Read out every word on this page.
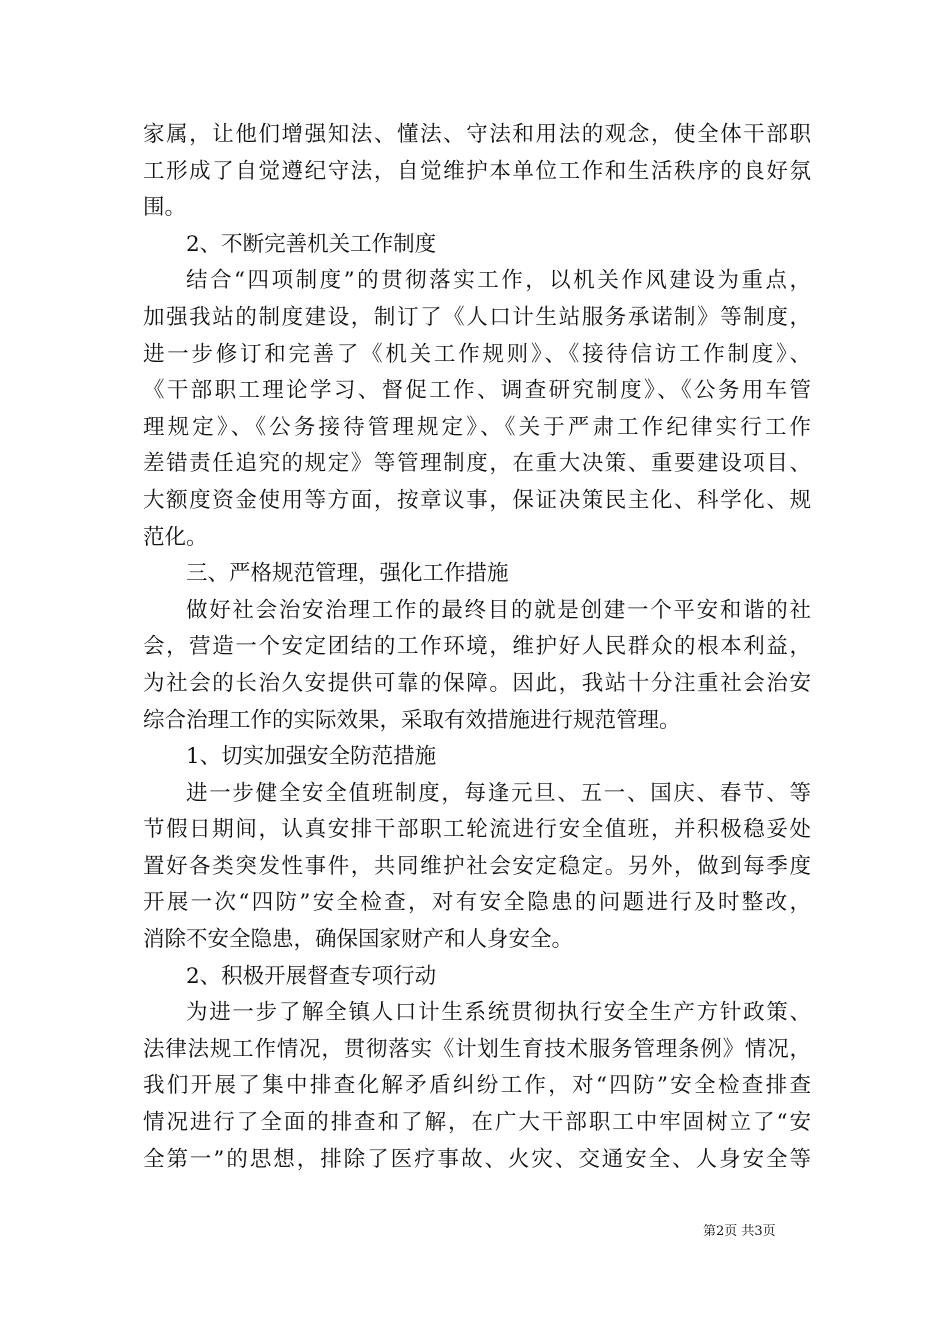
家属，让他们增强知法、懂法、守法和用法的观念，使全体干部职
工形成了自觉遵纪守法，自觉维护本单位工作和生活秩序的良好氛
围。
2、不断完善机关工作制度
结合“四项制度”的贯彻落实工作，以机关作风建设为重点，
加强我站的制度建设，制订了《人口计生站服务承诺制》等制度，
进一步修订和完善了《机关工作规则》、《接待信访工作制度》、
《干部职工理论学习、督促工作、调查研究制度》、《公务用车管
理规定》、《公务接待管理规定》、《关于严肃工作纪律实行工作
差错责任追究的规定》等管理制度，在重大决策、重要建设项目、
大额度资金使用等方面，按章议事，保证决策民主化、科学化、规
范化。
三、严格规范管理，强化工作措施
做好社会治安治理工作的最终目的就是创建一个平安和谐的社
会，营造一个安定团结的工作环境，维护好人民群众的根本利益，
为社会的长治久安提供可靠的保障。因此，我站十分注重社会治安
综合治理工作的实际效果，采取有效措施进行规范管理。
1、切实加强安全防范措施
进一步健全安全值班制度，每逢元旦、五一、国庆、春节、等
节假日期间，认真安排干部职工轮流进行安全值班，并积极稳妥处
置好各类突发性事件，共同维护社会安定稳定。另外，做到每季度
开展一次“四防”安全检查，对有安全隐患的问题进行及时整改，
消除不安全隐患，确保国家财产和人身安全。
2、积极开展督查专项行动
为进一步了解全镇人口计生系统贯彻执行安全生产方针政策、
法律法规工作情况，贯彻落实《计划生育技术服务管理条例》情况，
我们开展了集中排查化解矛盾纠纷工作，对“四防”安全检查排查
情况进行了全面的排查和了解，在广大干部职工中牢固树立了“安
全第一”的思想，排除了医疗事故、火灾、交通安全、人身安全等
第2页 共3页
